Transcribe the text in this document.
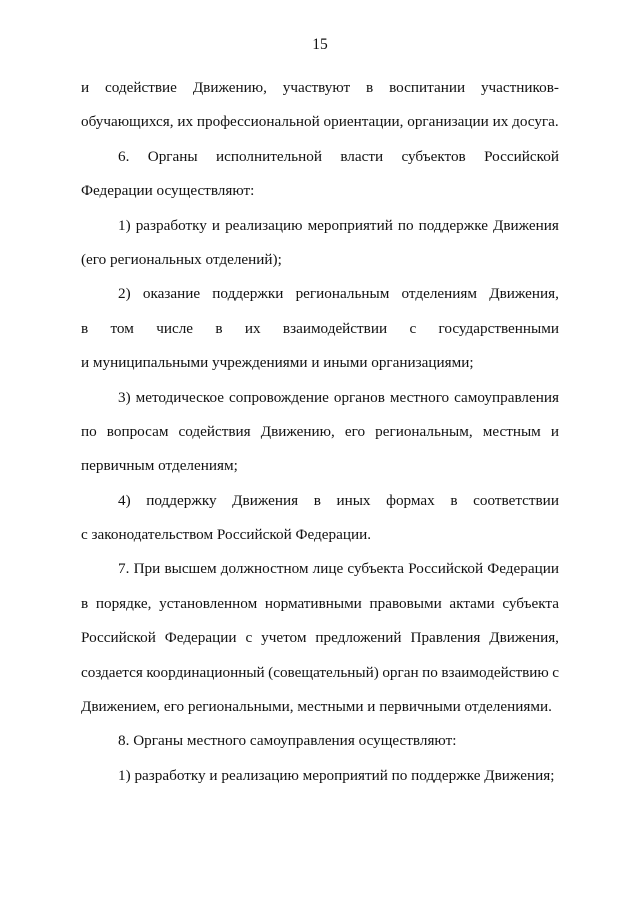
15
и содействие Движению, участвуют в воспитании участников-
обучающихся, их профессиональной ориентации, организации их досуга.
6. Органы исполнительной власти субъектов Российской
Федерации осуществляют:
1) разработку и реализацию мероприятий по поддержке Движения
(его региональных отделений);
2) оказание поддержки региональным отделениям Движения,
в том числе в их взаимодействии с государственными
и муниципальными учреждениями и иными организациями;
3) методическое сопровождение органов местного самоуправления
по вопросам содействия Движению, его региональным, местным и
первичным отделениям;
4) поддержку Движения в иных формах в соответствии
с законодательством Российской Федерации.
7. При высшем должностном лице субъекта Российской Федерации
в порядке, установленном нормативными правовыми актами субъекта
Российской Федерации с учетом предложений Правления Движения,
создается координационный (совещательный) орган по взаимодействию с
Движением, его региональными, местными и первичными отделениями.
8. Органы местного самоуправления осуществляют:
1) разработку и реализацию мероприятий по поддержке Движения;
